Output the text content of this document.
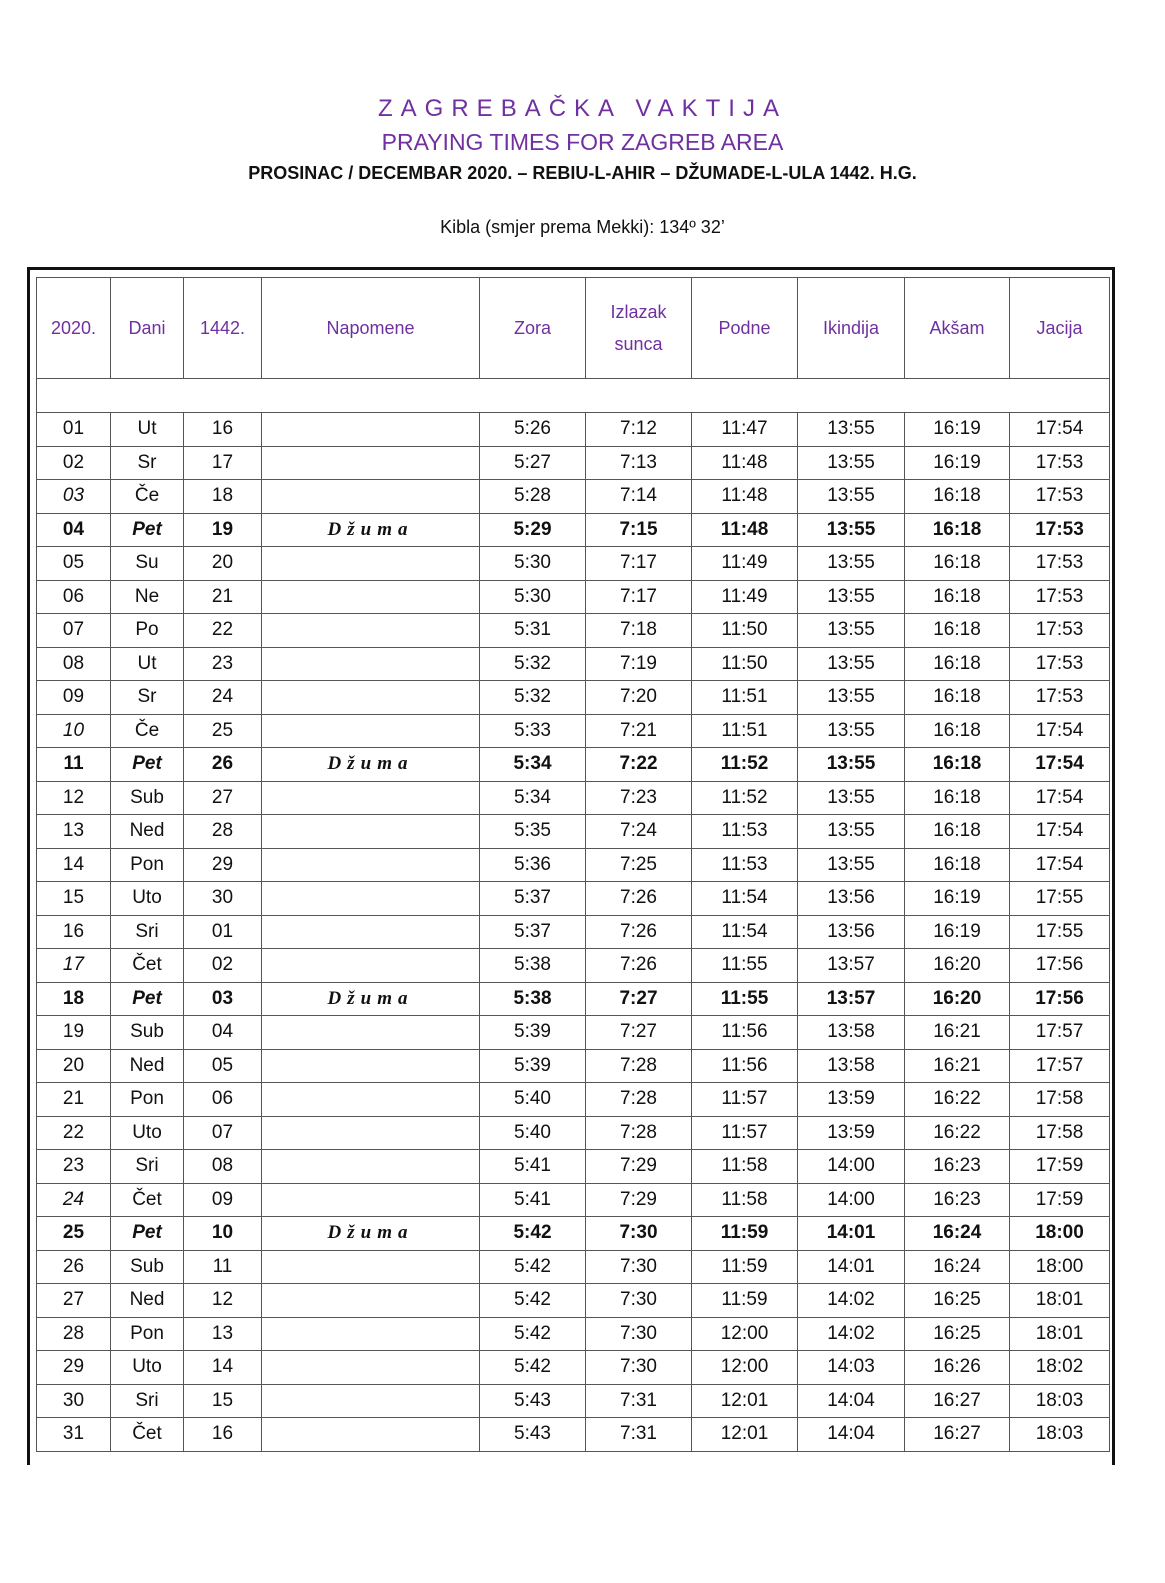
ZAGREBAČKA VAKTIJA
PRAYING TIMES FOR ZAGREB AREA
PROSINAC / DECEMBAR 2020. – REBIU-L-AHIR – DŽUMADE-L-ULA 1442. H.G.
Kibla (smjer prema Mekki): 134º 32’
2020.	Dani	1442.	Napomene	Zora	Izlazak sunca	Podne	Ikindija	Akšam	Jacija

01	Ut	16		5:26	7:12	11:47	13:55	16:19	17:54
02	Sr	17		5:27	7:13	11:48	13:55	16:19	17:53
03	Če	18		5:28	7:14	11:48	13:55	16:18	17:53
04	Pet	19	Džuma	5:29	7:15	11:48	13:55	16:18	17:53
05	Su	20		5:30	7:17	11:49	13:55	16:18	17:53
06	Ne	21		5:30	7:17	11:49	13:55	16:18	17:53
07	Po	22		5:31	7:18	11:50	13:55	16:18	17:53
08	Ut	23		5:32	7:19	11:50	13:55	16:18	17:53
09	Sr	24		5:32	7:20	11:51	13:55	16:18	17:53
10	Če	25		5:33	7:21	11:51	13:55	16:18	17:54
11	Pet	26	Džuma	5:34	7:22	11:52	13:55	16:18	17:54
12	Sub	27		5:34	7:23	11:52	13:55	16:18	17:54
13	Ned	28		5:35	7:24	11:53	13:55	16:18	17:54
14	Pon	29		5:36	7:25	11:53	13:55	16:18	17:54
15	Uto	30		5:37	7:26	11:54	13:56	16:19	17:55
16	Sri	01		5:37	7:26	11:54	13:56	16:19	17:55
17	Čet	02		5:38	7:26	11:55	13:57	16:20	17:56
18	Pet	03	Džuma	5:38	7:27	11:55	13:57	16:20	17:56
19	Sub	04		5:39	7:27	11:56	13:58	16:21	17:57
20	Ned	05		5:39	7:28	11:56	13:58	16:21	17:57
21	Pon	06		5:40	7:28	11:57	13:59	16:22	17:58
22	Uto	07		5:40	7:28	11:57	13:59	16:22	17:58
23	Sri	08		5:41	7:29	11:58	14:00	16:23	17:59
24	Čet	09		5:41	7:29	11:58	14:00	16:23	17:59
25	Pet	10	Džuma	5:42	7:30	11:59	14:01	16:24	18:00
26	Sub	11		5:42	7:30	11:59	14:01	16:24	18:00
27	Ned	12		5:42	7:30	11:59	14:02	16:25	18:01
28	Pon	13		5:42	7:30	12:00	14:02	16:25	18:01
29	Uto	14		5:42	7:30	12:00	14:03	16:26	18:02
30	Sri	15		5:43	7:31	12:01	14:04	16:27	18:03
31	Čet	16		5:43	7:31	12:01	14:04	16:27	18:03
